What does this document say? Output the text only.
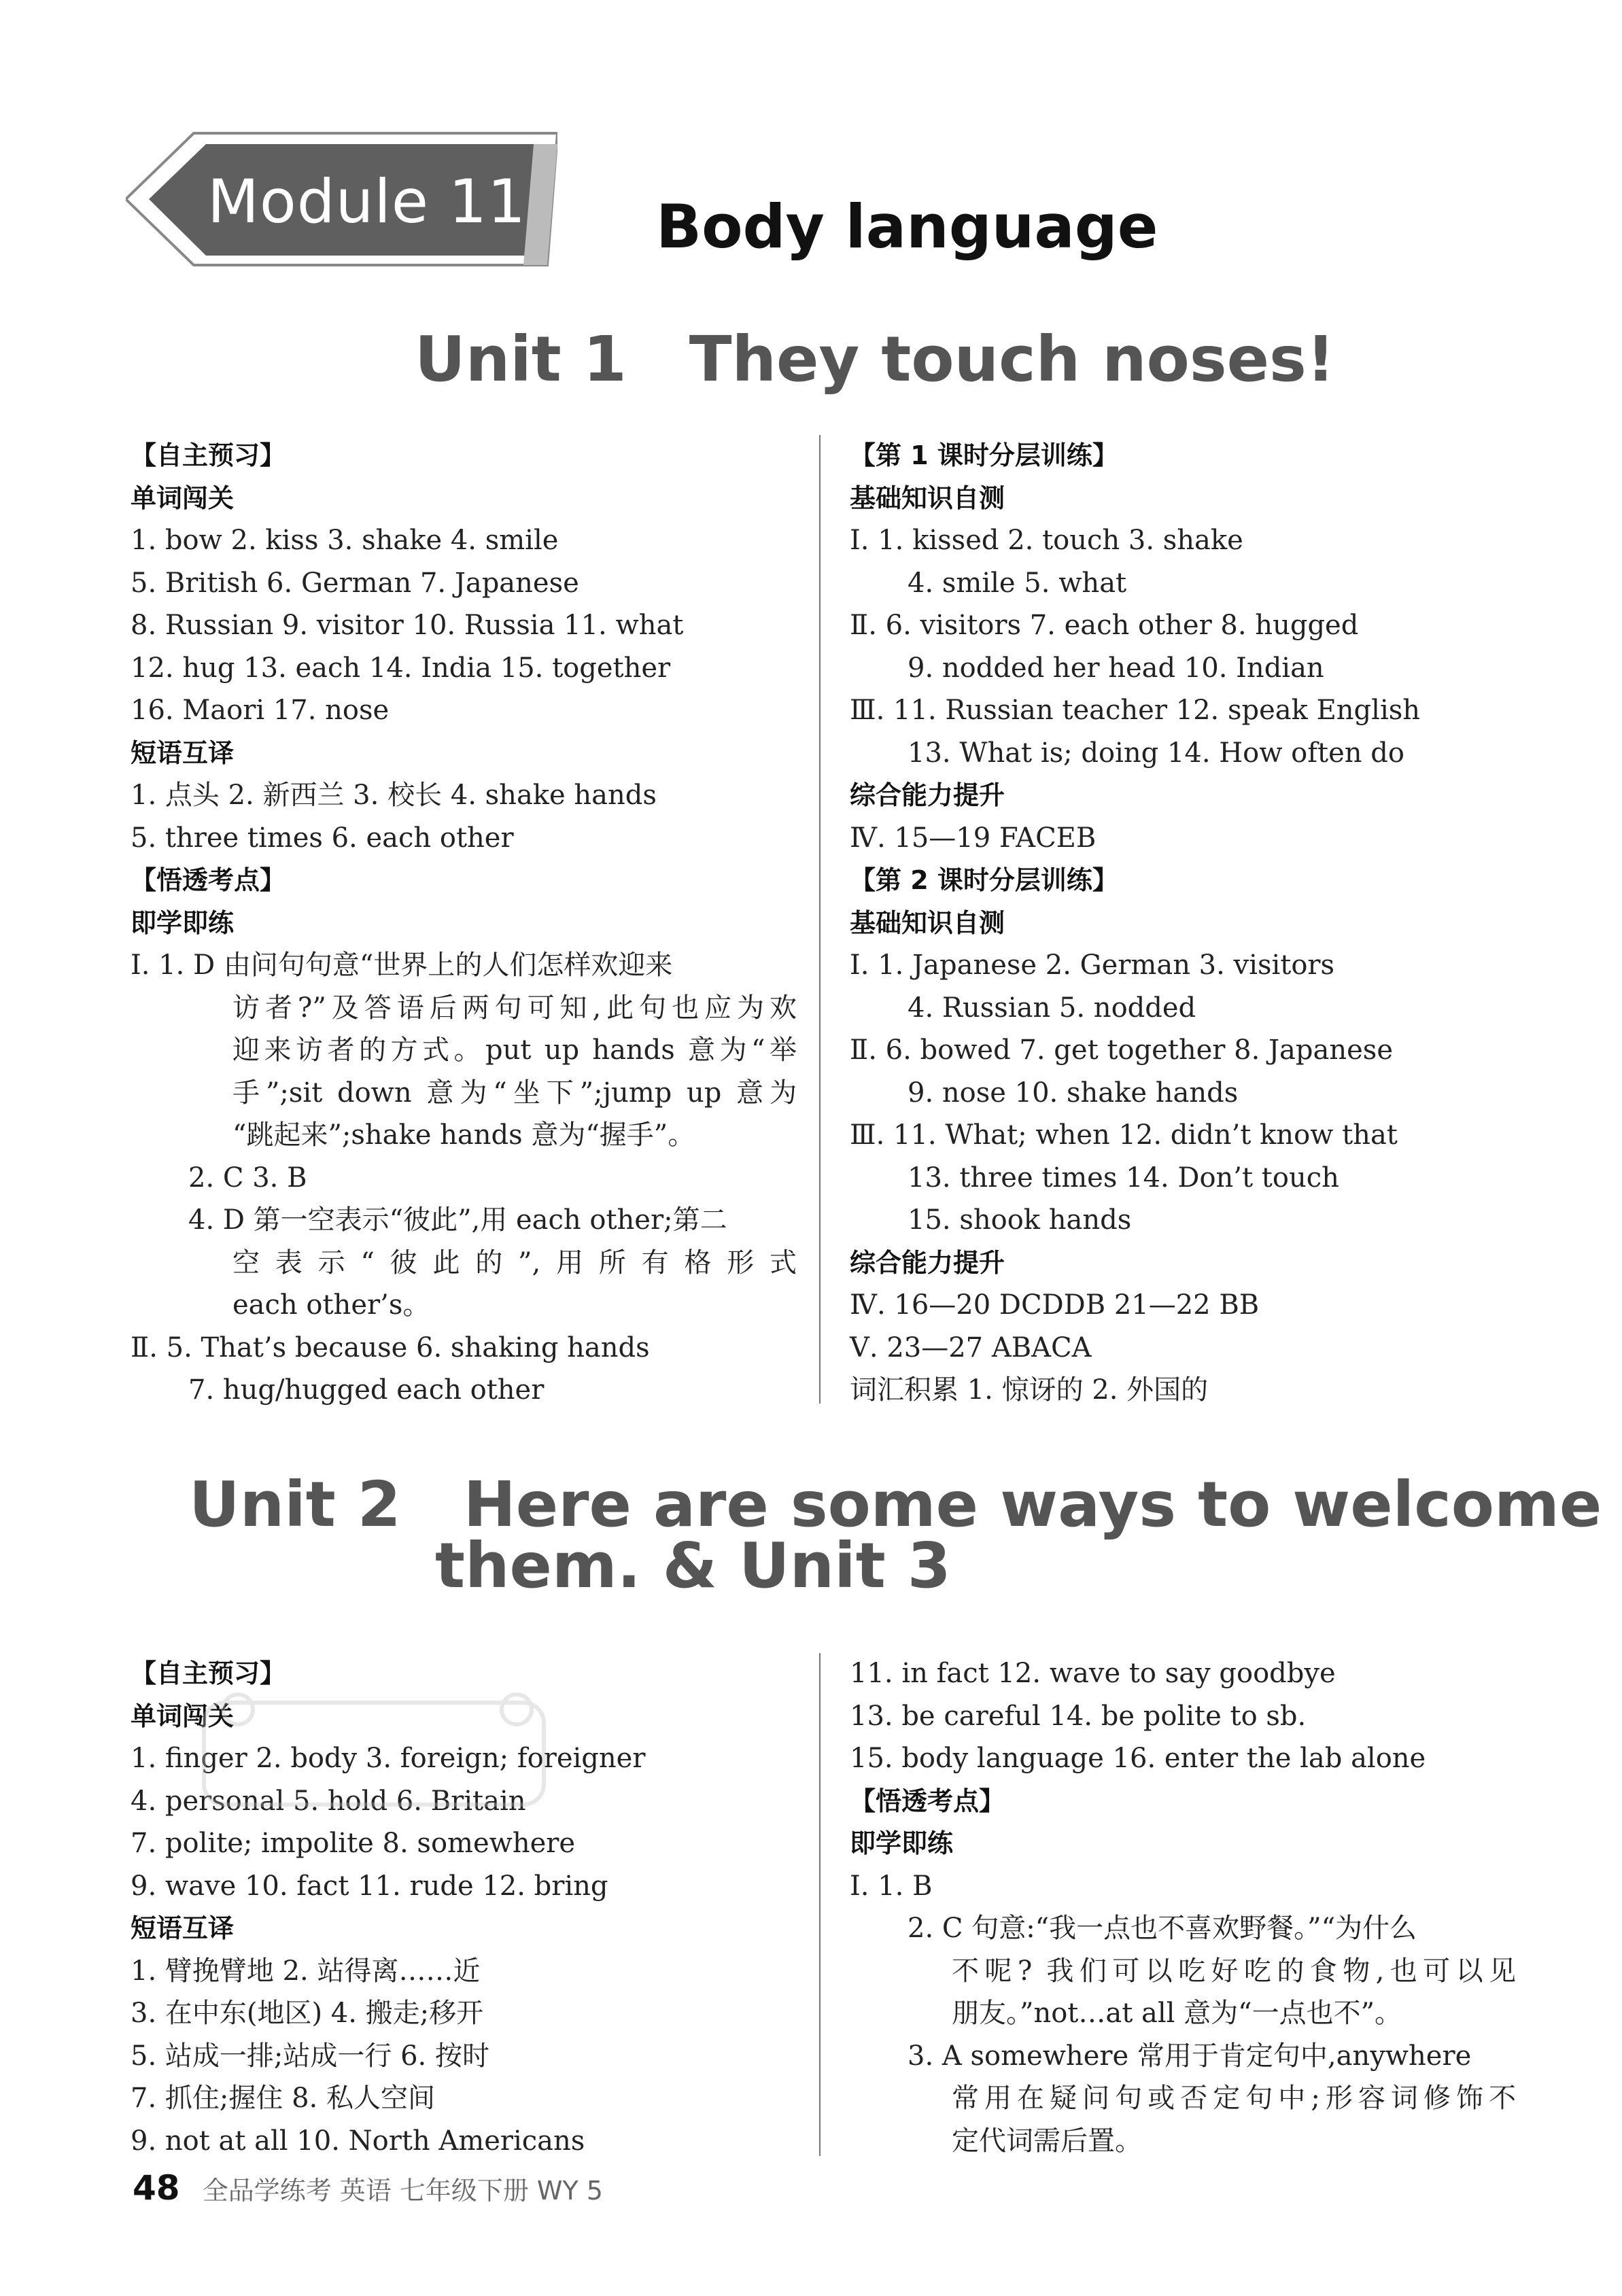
Module 11 Body language
Unit 1　They touch noses!
【自主预习】
单词闯关
1. bow 2. kiss 3. shake 4. smile
5. British 6. German 7. Japanese
8. Russian 9. visitor 10. Russia 11. what
12. hug 13. each 14. India 15. together
16. Maori 17. nose
短语互译
1. 点头 2. 新西兰 3. 校长 4. shake hands
5. three times 6. each other
【悟透考点】
即学即练
Ⅰ. 1. D 由问句句意“世界上的人们怎样欢迎来
访者?”及答语后两句可知,此句也应为欢
迎来访者的方式。put up hands 意为“举
手”;sit down 意为“坐下”;jump up 意为
“跳起来”;shake hands 意为“握手”。
2. C 3. B
4. D 第一空表示“彼此”,用 each other;第二
空表示“彼此的”,用所有格形式
each other’s。
Ⅱ. 5. That’s because 6. shaking hands
7. hug/hugged each other
【第 1 课时分层训练】
基础知识自测
Ⅰ. 1. kissed 2. touch 3. shake
4. smile 5. what
Ⅱ. 6. visitors 7. each other 8. hugged
9. nodded her head 10. Indian
Ⅲ. 11. Russian teacher 12. speak English
13. What is; doing 14. How often do
综合能力提升
Ⅳ. 15—19 FACEB
【第 2 课时分层训练】
基础知识自测
Ⅰ. 1. Japanese 2. German 3. visitors
4. Russian 5. nodded
Ⅱ. 6. bowed 7. get together 8. Japanese
9. nose 10. shake hands
Ⅲ. 11. What; when 12. didn’t know that
13. three times 14. Don’t touch
15. shook hands
综合能力提升
Ⅳ. 16—20 DCDDB 21—22 BB
Ⅴ. 23—27 ABACA
词汇积累 1. 惊讶的 2. 外国的
Unit 2　Here are some ways to welcome
them. & Unit 3
【自主预习】
单词闯关
1. finger 2. body 3. foreign; foreigner
4. personal 5. hold 6. Britain
7. polite; impolite 8. somewhere
9. wave 10. fact 11. rude 12. bring
短语互译
1. 臂挽臂地 2. 站得离……近
3. 在中东(地区) 4. 搬走;移开
5. 站成一排;站成一行 6. 按时
7. 抓住;握住 8. 私人空间
9. not at all 10. North Americans
11. in fact 12. wave to say goodbye
13. be careful 14. be polite to sb.
15. body language 16. enter the lab alone
【悟透考点】
即学即练
Ⅰ. 1. B
2. C 句意:“我一点也不喜欢野餐。”“为什么
不呢? 我们可以吃好吃的食物,也可以见
朋友。”not…at all 意为“一点也不”。
3. A somewhere 常用于肯定句中,anywhere
常用在疑问句或否定句中;形容词修饰不
定代词需后置。
48 全品学练考 英语 七年级下册 WY 5
